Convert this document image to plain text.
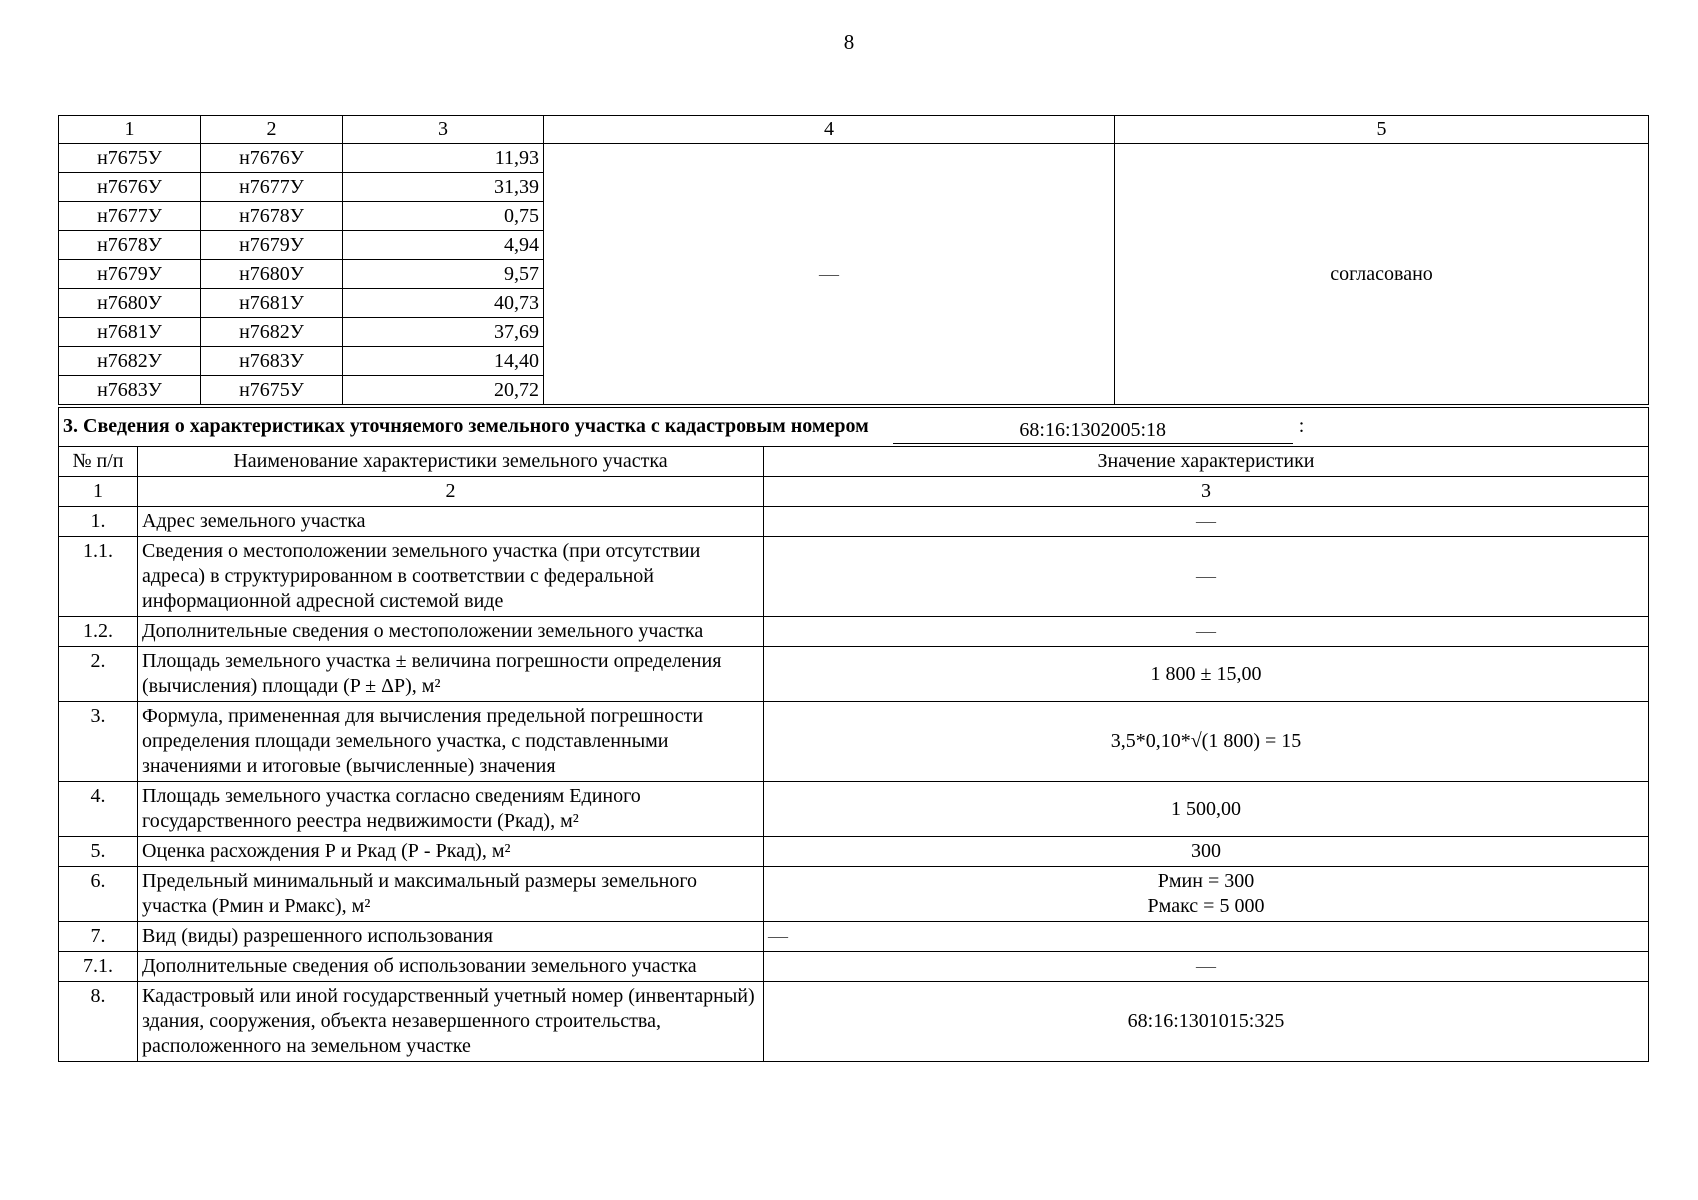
8
1	2	3	4	5
н7675У	н7676У	11,93	—	согласовано
н7676У	н7677У	31,39		
н7677У	н7678У	0,75		
н7678У	н7679У	4,94		
н7679У	н7680У	9,57		
н7680У	н7681У	40,73		
н7681У	н7682У	37,69		
н7682У	н7683У	14,40		
н7683У	н7675У	20,72		
3. Сведения о характеристиках уточняемого земельного участка с кадастровым номером 68:16:1302005:18 :		
№ п/п	Наименование характеристики земельного участка	Значение характеристики
1	2	3
1.	Адрес земельного участка	—
1.1.	Сведения о местоположении земельного участка (при отсутствии адреса) в структурированном в соответствии с федеральной информационной адресной системой виде	—
1.2.	Дополнительные сведения о местоположении земельного участка	—
2.	Площадь земельного участка ± величина погрешности определения (вычисления) площади (P ± ΔP), м²	1 800 ± 15,00
3.	Формула, примененная для вычисления предельной погрешности определения площади земельного участка, с подставленными значениями и итоговые (вычисленные) значения	3,5*0,10*√(1 800) = 15
4.	Площадь земельного участка согласно сведениям Единого государственного реестра недвижимости (Ркад), м²	1 500,00
5.	Оценка расхождения Р и Ркад (Р - Ркад), м²	300
6.	Предельный минимальный и максимальный размеры земельного участка (Рмин и Рмакс), м²	Рмин = 300
Рмакс = 5 000

7.	Вид (виды) разрешенного использования	—
7.1.	Дополнительные сведения об использовании земельного участка	—
8.	Кадастровый или иной государственный учетный номер (инвентарный) здания, сооружения, объекта незавершенного строительства, расположенного на земельном участке	68:16:1301015:325
